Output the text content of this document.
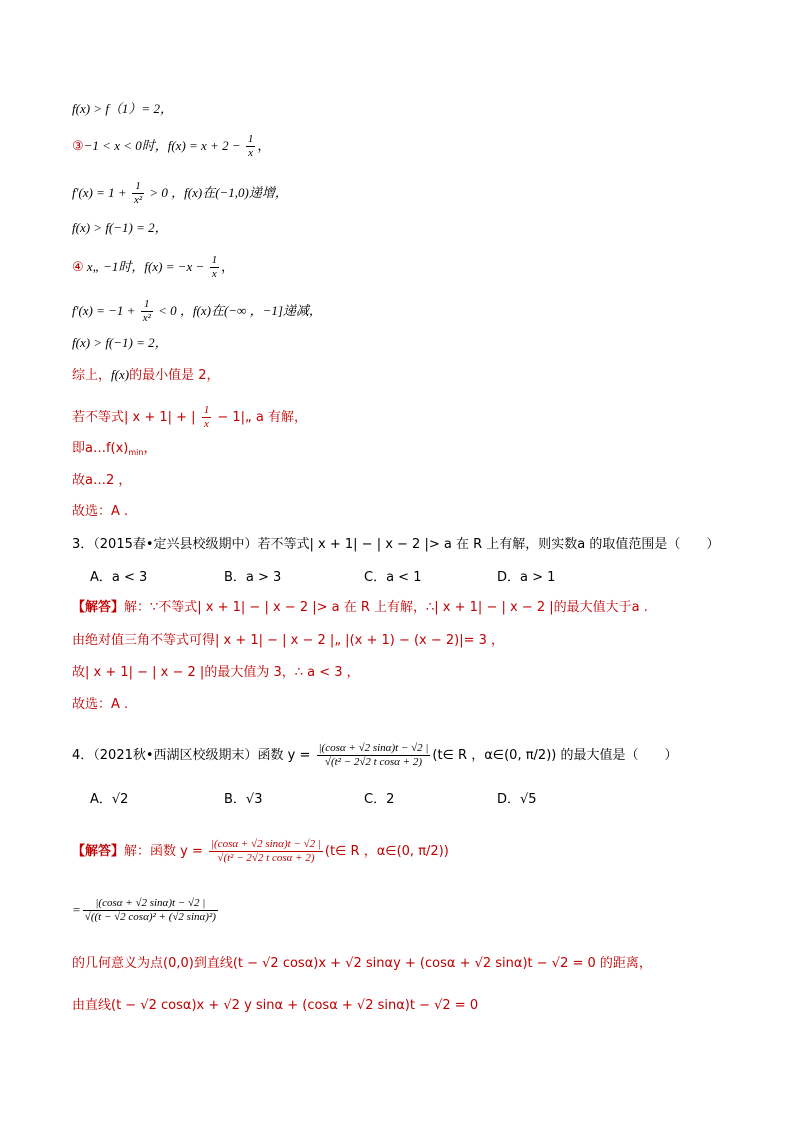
f(x) > f（1）= 2，
③−1 < x < 0时，$f(x) = x + 2 - \frac{1}{x}$ ，
$f'(x) = 1 + \frac{1}{\text{x²}} > 0$ ，f(x)在(−1,0)递增，
f(x) > f(−1) = 2，
④ x„ −1时，$f(x) = -x - \frac{1}{x}$ ，
$f'(x) = -1 + \frac{1}{\text{x²}} < 0$ ，f(x)在(−∞ ，−1]递减，
f(x) > f(−1) = 2，
综上，f(x)的最小值是 2，
若不等式| x + 1| + | $\frac{1}{x}$ − 1|„ a 有解，
即$a\dots f(x)_{min}$，
故a…2 ，
故选：A .
3．（2015春•定兴县校级期中）若不等式| x + 1| − | x − 2 |> a 在 R 上有解，则实数a 的取值范围是（　　）
A．a < 3	B．a > 3	C．a < 1	D．a > 1
【解答】解：∵不等式| x + 1| − | x − 2 |> a 在 R 上有解，∴| x + 1| − | x − 2 |的最大值大于a .
由绝对值三角不等式可得| x + 1| − | x − 2 |„ |(x + 1) − (x − 2)|= 3 ，
故| x + 1| − | x − 2 |的最大值为 3，∴ a < 3 ，
故选：A .
4．（2021秋•西湖区校级期末）函数 $y = \frac{|(\cos\alpha + √2 \sin\alpha)t - √2 |}{\text{√(t² − 2√2 t cosα + 2)}}$ (t∈ R ，α∈(0, π/2)) 的最大值是（　　）
A．√2	B．√3	C．2	D．√5
【解答】解：函数 $y = \frac{|(\cos\alpha + √2 \sin\alpha)t - √2 |}{\text{√(t² − 2√2 t cosα + 2)}}$ (t∈ R ，α∈(0, π/2))
= $\frac{|(\cos\alpha + √2 \sin\alpha)t - √2 |}{\text{√((t − √2 cosα)² + (√2 sinα)²)}}$
的几何意义为点(0,0)到直线(t − √2 cosα)x + √2 sinαy + (cosα + √2 sinα)t − √2 = 0 的距离，
由直线(t − √2 cosα)x + √2 y sinα + (cosα + √2 sinα)t − √2 = 0
